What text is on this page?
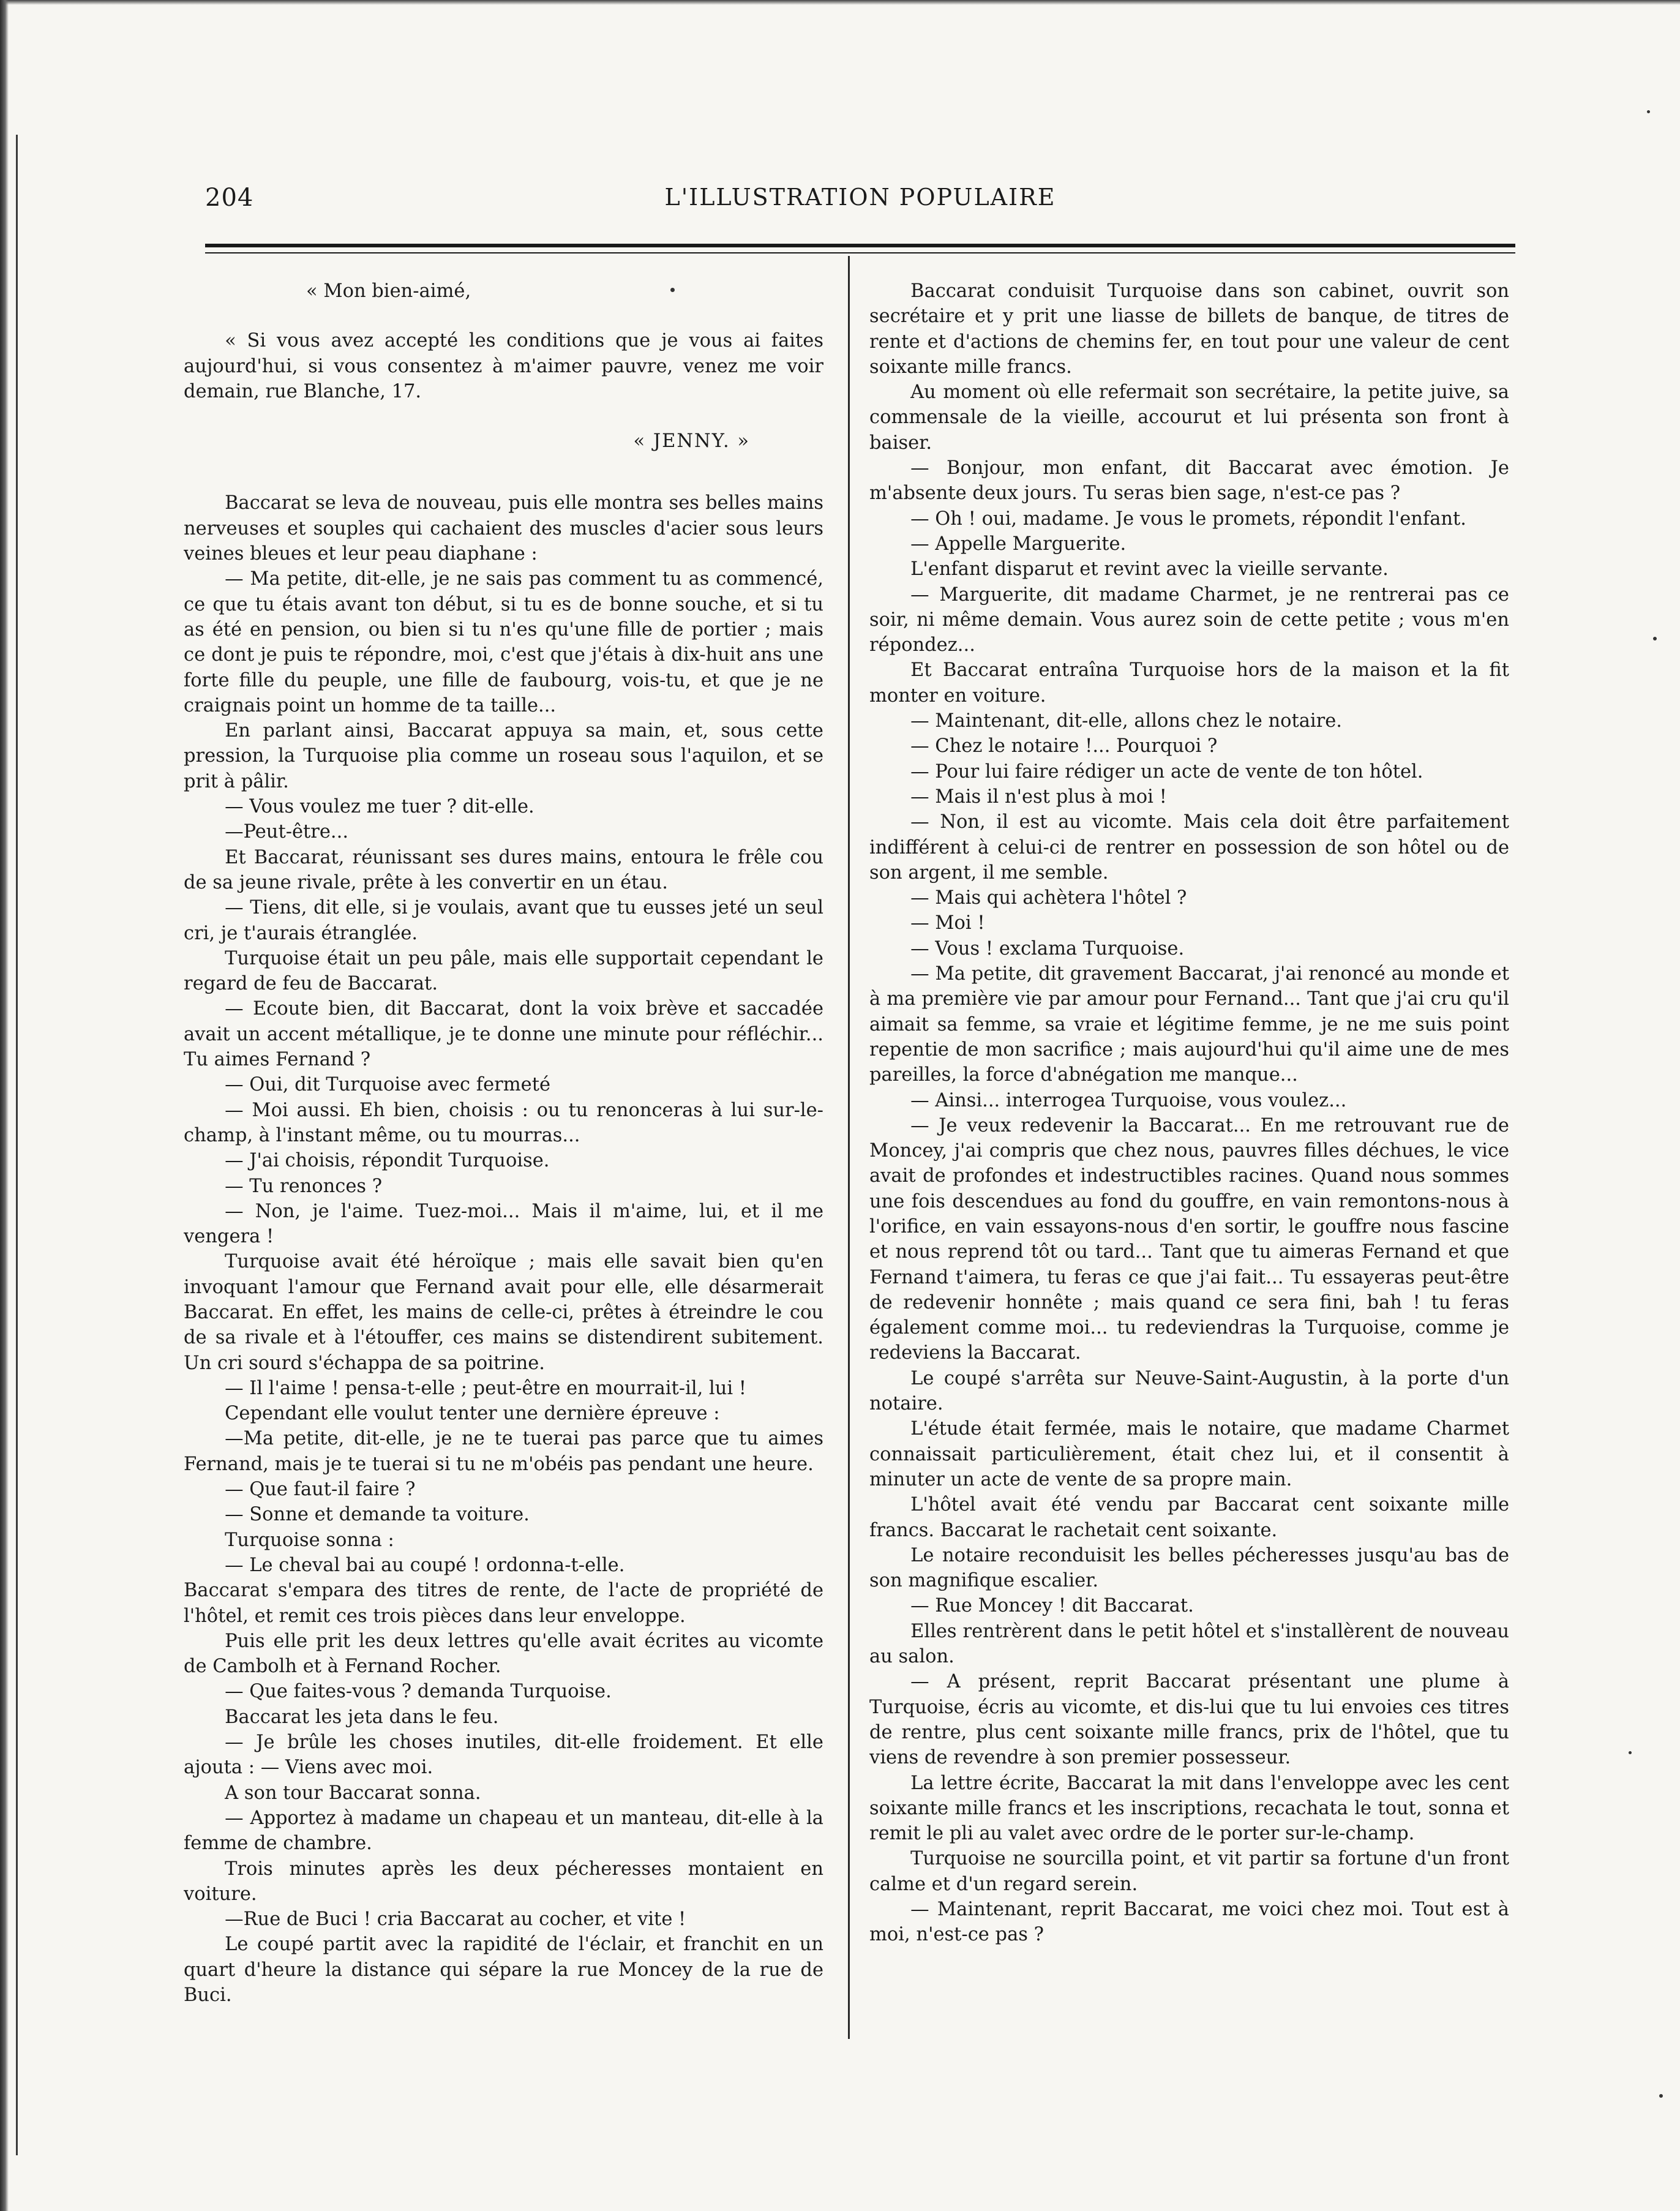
204	L'ILLUSTRATION POPULAIRE

« Mon bien-aimé,

« Si vous avez accepté les conditions que je vous ai faites aujourd'hui, si vous consentez à m'aimer pauvre, venez me voir demain, rue Blanche, 17.

« JENNY. »

Baccarat se leva de nouveau, puis elle montra ses belles mains nerveuses et souples qui cachaient des muscles d'acier sous leurs veines bleues et leur peau diaphane :

— Ma petite, dit-elle, je ne sais pas comment tu as commencé, ce que tu étais avant ton début, si tu es de bonne souche, et si tu as été en pension, ou bien si tu n'es qu'une fille de portier ; mais ce dont je puis te répondre, moi, c'est que j'étais à dix-huit ans une forte fille du peuple, une fille de faubourg, vois-tu, et que je ne craignais point un homme de ta taille...

En parlant ainsi, Baccarat appuya sa main, et, sous cette pression, la Turquoise plia comme un roseau sous l'aquilon, et se prit à pâlir.

— Vous voulez me tuer ? dit-elle.

—Peut-être...

Et Baccarat, réunissant ses dures mains, entoura le frêle cou de sa jeune rivale, prête à les convertir en un étau.

— Tiens, dit elle, si je voulais, avant que tu eusses jeté un seul cri, je t'aurais étranglée.

Turquoise était un peu pâle, mais elle supportait cependant le regard de feu de Baccarat.

— Ecoute bien, dit Baccarat, dont la voix brève et saccadée avait un accent métallique, je te donne une minute pour réfléchir... Tu aimes Fernand ?

— Oui, dit Turquoise avec fermeté

— Moi aussi. Eh bien, choisis : ou tu renonceras à lui sur-le-champ, à l'instant même, ou tu mourras...

— J'ai choisis, répondit Turquoise.

— Tu renonces ?

— Non, je l'aime. Tuez-moi... Mais il m'aime, lui, et il me vengera !

Turquoise avait été héroïque ; mais elle savait bien qu'en invoquant l'amour que Fernand avait pour elle, elle désarmerait Baccarat. En effet, les mains de celle-ci, prêtes à étreindre le cou de sa rivale et à l'étouffer, ces mains se distendirent subitement. Un cri sourd s'échappa de sa poitrine.

— Il l'aime ! pensa-t-elle ; peut-être en mourrait-il, lui !

Cependant elle voulut tenter une dernière épreuve :

—Ma petite, dit-elle, je ne te tuerai pas parce que tu aimes Fernand, mais je te tuerai si tu ne m'obéis pas pendant une heure.

— Que faut-il faire ?

— Sonne et demande ta voiture.

Turquoise sonna :

— Le cheval bai au coupé ! ordonna-t-elle.

Baccarat s'empara des titres de rente, de l'acte de propriété de l'hôtel, et remit ces trois pièces dans leur enveloppe.

Puis elle prit les deux lettres qu'elle avait écrites au vicomte de Cambolh et à Fernand Rocher.

— Que faites-vous ? demanda Turquoise.

Baccarat les jeta dans le feu.

— Je brûle les choses inutiles, dit-elle froidement. Et elle ajouta : — Viens avec moi.

A son tour Baccarat sonna.

— Apportez à madame un chapeau et un manteau, dit-elle à la femme de chambre.

Trois minutes après les deux pécheresses montaient en voiture.

—Rue de Buci ! cria Baccarat au cocher, et vite !

Le coupé partit avec la rapidité de l'éclair, et franchit en un quart d'heure la distance qui sépare la rue Moncey de la rue de Buci.

Baccarat conduisit Turquoise dans son cabinet, ouvrit son secrétaire et y prit une liasse de billets de banque, de titres de rente et d'actions de chemins fer, en tout pour une valeur de cent soixante mille francs.

Au moment où elle refermait son secrétaire, la petite juive, sa commensale de la vieille, accourut et lui présenta son front à baiser.

— Bonjour, mon enfant, dit Baccarat avec émotion. Je m'absente deux jours. Tu seras bien sage, n'est-ce pas ?

— Oh ! oui, madame. Je vous le promets, répondit l'enfant.

— Appelle Marguerite.

L'enfant disparut et revint avec la vieille servante.

— Marguerite, dit madame Charmet, je ne rentrerai pas ce soir, ni même demain. Vous aurez soin de cette petite ; vous m'en répondez...

Et Baccarat entraîna Turquoise hors de la maison et la fit monter en voiture.

— Maintenant, dit-elle, allons chez le notaire.

— Chez le notaire !... Pourquoi ?

— Pour lui faire rédiger un acte de vente de ton hôtel.

— Mais il n'est plus à moi !

— Non, il est au vicomte. Mais cela doit être parfaitement indifférent à celui-ci de rentrer en possession de son hôtel ou de son argent, il me semble.

— Mais qui achètera l'hôtel ?

— Moi !

— Vous ! exclama Turquoise.

— Ma petite, dit gravement Baccarat, j'ai renoncé au monde et à ma première vie par amour pour Fernand... Tant que j'ai cru qu'il aimait sa femme, sa vraie et légitime femme, je ne me suis point repentie de mon sacrifice ; mais aujourd'hui qu'il aime une de mes pareilles, la force d'abnégation me manque...

— Ainsi... interrogea Turquoise, vous voulez...

— Je veux redevenir la Baccarat... En me retrouvant rue de Moncey, j'ai compris que chez nous, pauvres filles déchues, le vice avait de profondes et indestructibles racines. Quand nous sommes une fois descendues au fond du gouffre, en vain remontons-nous à l'orifice, en vain essayons-nous d'en sortir, le gouffre nous fascine et nous reprend tôt ou tard... Tant que tu aimeras Fernand et que Fernand t'aimera, tu feras ce que j'ai fait... Tu essayeras peut-être de redevenir honnête ; mais quand ce sera fini, bah ! tu feras également comme moi... tu redeviendras la Turquoise, comme je redeviens la Baccarat.

Le coupé s'arrêta sur Neuve-Saint-Augustin, à la porte d'un notaire.

L'étude était fermée, mais le notaire, que madame Charmet connaissait particulièrement, était chez lui, et il consentit à minuter un acte de vente de sa propre main.

L'hôtel avait été vendu par Baccarat cent soixante mille francs. Baccarat le rachetait cent soixante.

Le notaire reconduisit les belles pécheresses jusqu'au bas de son magnifique escalier.

— Rue Moncey ! dit Baccarat.

Elles rentrèrent dans le petit hôtel et s'installèrent de nouveau au salon.

— A présent, reprit Baccarat présentant une plume à Turquoise, écris au vicomte, et dis-lui que tu lui envoies ces titres de rentre, plus cent soixante mille francs, prix de l'hôtel, que tu viens de revendre à son premier possesseur.

La lettre écrite, Baccarat la mit dans l'enveloppe avec les cent soixante mille francs et les inscriptions, recachata le tout, sonna et remit le pli au valet avec ordre de le porter sur-le-champ.

Turquoise ne sourcilla point, et vit partir sa fortune d'un front calme et d'un regard serein.

— Maintenant, reprit Baccarat, me voici chez moi. Tout est à moi, n'est-ce pas ?
